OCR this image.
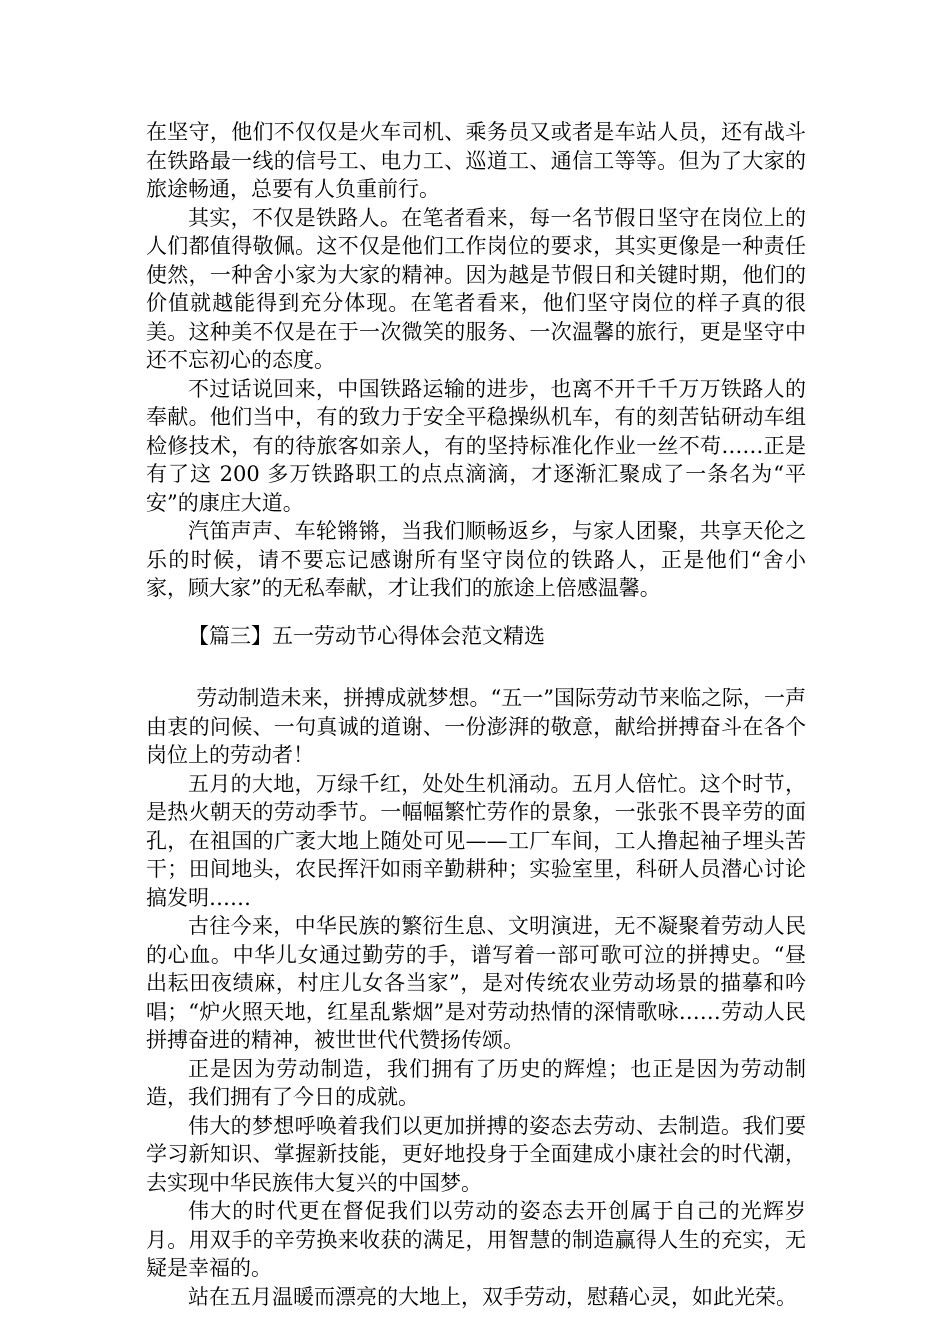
在坚守，他们不仅仅是火车司机、乘务员又或者是车站人员，还有战斗在铁路最一线的信号工、电力工、巡道工、通信工等等。但为了大家的旅途畅通，总要有人负重前行。

其实，不仅是铁路人。在笔者看来，每一名节假日坚守在岗位上的人们都值得敬佩。这不仅是他们工作岗位的要求，其实更像是一种责任使然，一种舍小家为大家的精神。因为越是节假日和关键时期，他们的价值就越能得到充分体现。在笔者看来，他们坚守岗位的样子真的很美。这种美不仅是在于一次微笑的服务、一次温馨的旅行，更是坚守中还不忘初心的态度。

不过话说回来，中国铁路运输的进步，也离不开千千万万铁路人的奉献。他们当中，有的致力于安全平稳操纵机车，有的刻苦钻研动车组检修技术，有的待旅客如亲人，有的坚持标准化作业一丝不苟……正是有了这 200 多万铁路职工的点点滴滴，才逐渐汇聚成了一条名为“平安”的康庄大道。

汽笛声声、车轮锵锵，当我们顺畅返乡，与家人团聚，共享天伦之乐的时候，请不要忘记感谢所有坚守岗位的铁路人，正是他们“舍小家，顾大家”的无私奉献，才让我们的旅途上倍感温馨。

【篇三】五一劳动节心得体会范文精选

劳动制造未来，拼搏成就梦想。“五一”国际劳动节来临之际，一声由衷的问候、一句真诚的道谢、一份澎湃的敬意，献给拼搏奋斗在各个岗位上的劳动者！

五月的大地，万绿千红，处处生机涌动。五月人倍忙。这个时节，是热火朝天的劳动季节。一幅幅繁忙劳作的景象，一张张不畏辛劳的面孔，在祖国的广袤大地上随处可见——工厂车间，工人撸起袖子埋头苦干；田间地头，农民挥汗如雨辛勤耕种；实验室里，科研人员潜心讨论搞发明……

古往今来，中华民族的繁衍生息、文明演进，无不凝聚着劳动人民的心血。中华儿女通过勤劳的手，谱写着一部可歌可泣的拼搏史。“昼出耘田夜绩麻，村庄儿女各当家”，是对传统农业劳动场景的描摹和吟唱；“炉火照天地，红星乱紫烟”是对劳动热情的深情歌咏……劳动人民拼搏奋进的精神，被世世代代赞扬传颂。

正是因为劳动制造，我们拥有了历史的辉煌；也正是因为劳动制造，我们拥有了今日的成就。

伟大的梦想呼唤着我们以更加拼搏的姿态去劳动、去制造。我们要学习新知识、掌握新技能，更好地投身于全面建成小康社会的时代潮，去实现中华民族伟大复兴的中国梦。

伟大的时代更在督促我们以劳动的姿态去开创属于自己的光辉岁月。用双手的辛劳换来收获的满足，用智慧的制造赢得人生的充实，无疑是幸福的。

站在五月温暖而漂亮的大地上，双手劳动，慰藉心灵，如此光荣。
